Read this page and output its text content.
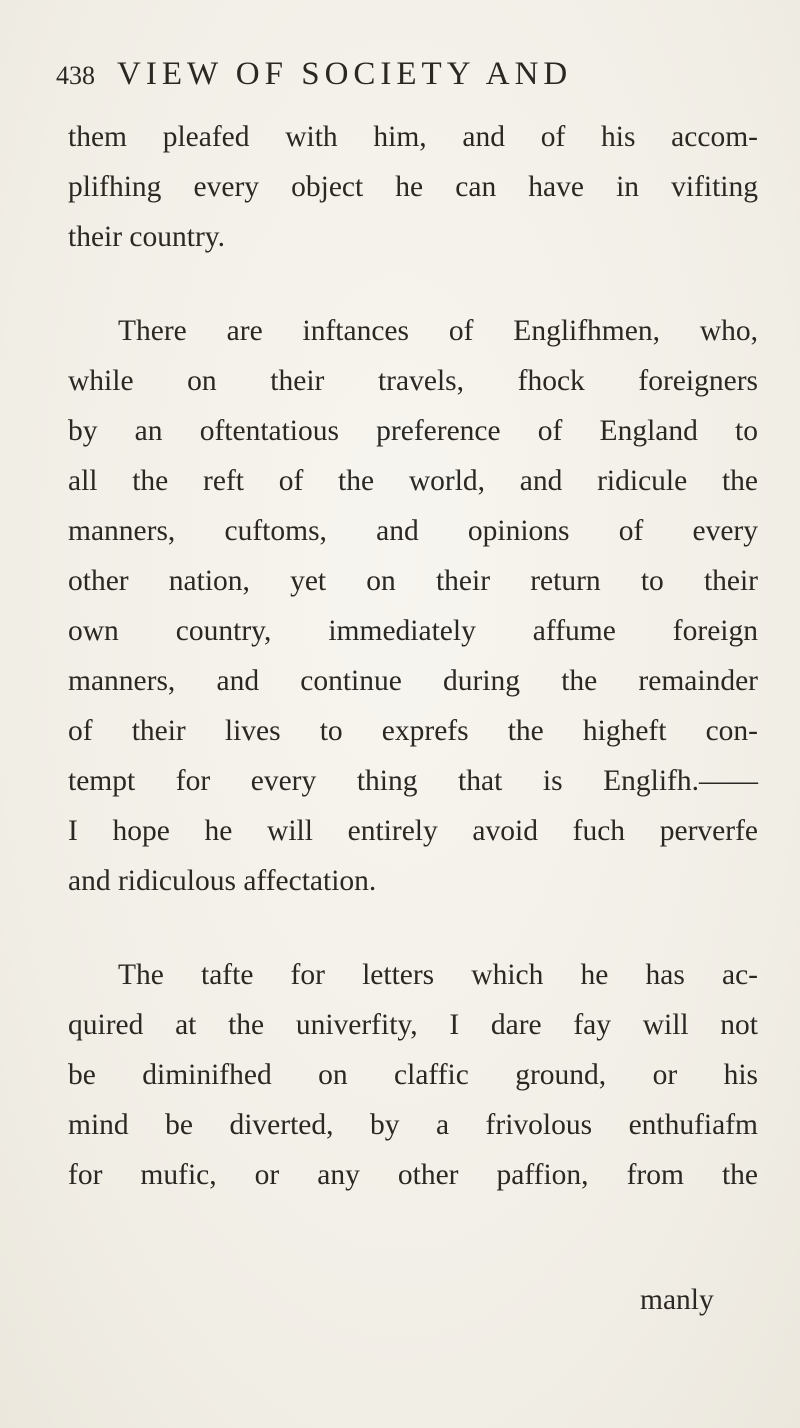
438 VIEW OF SOCIETY AND
them pleafed with him, and of his accom-
plifhing every object he can have in vifiting
their country.
There are inftances of Englifhmen, who,
while on their travels, fhock foreigners
by an oftentatious preference of England to
all the reft of the world, and ridicule the
manners, cuftoms, and opinions of every
other nation, yet on their return to their
own country, immediately affume foreign
manners, and continue during the remainder
of their lives to exprefs the higheft con-
tempt for every thing that is Englifh.——
I hope he will entirely avoid fuch perverfe
and ridiculous affectation.
The tafte for letters which he has ac-
quired at the univerfity, I dare fay will not
be diminifhed on claffic ground, or his
mind be diverted, by a frivolous enthufiafm
for mufic, or any other paffion, from the
manly
